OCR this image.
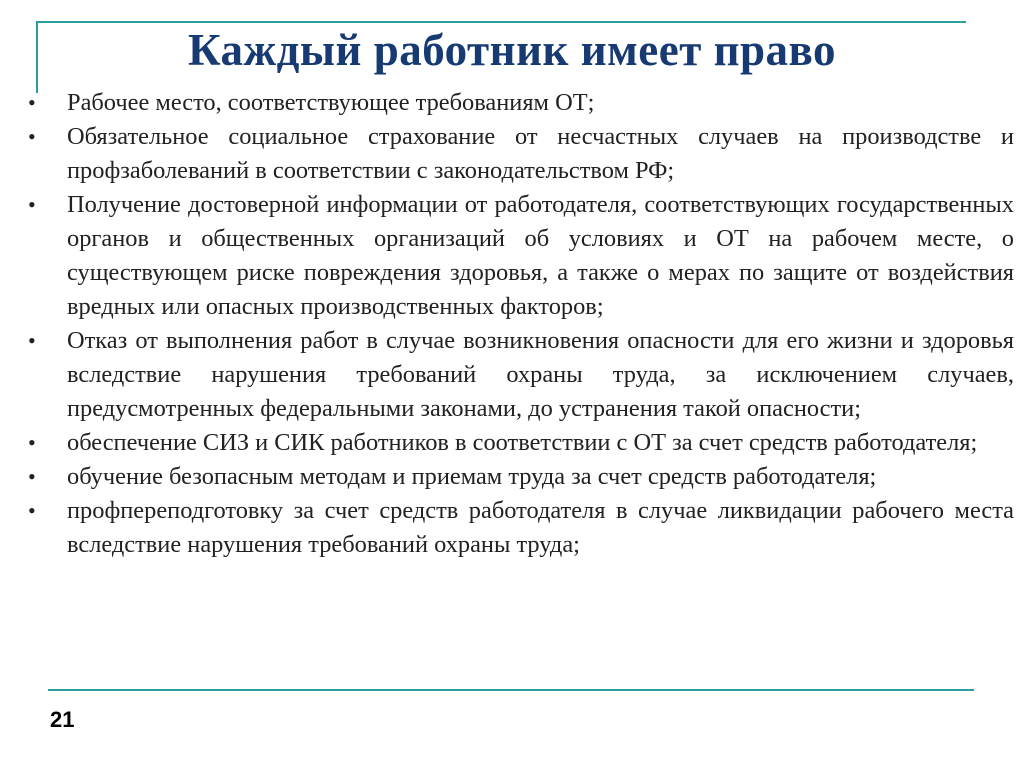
Каждый работник имеет право
•	Рабочее место, соответствующее требованиям ОТ;
•	Обязательное социальное страхование от несчастных случаев на производстве и профзаболеваний в соответствии с законодательством РФ;
•	Получение достоверной информации от работодателя, соответствующих государственных органов и общественных организаций об условиях и ОТ на рабочем месте, о существующем риске повреждения здоровья, а также о мерах по защите от воздействия вредных или опасных производственных факторов;
•	Отказ от выполнения работ в случае возникновения опасности для его жизни и здоровья вследствие нарушения требований охраны труда, за исключением случаев, предусмотренных федеральными законами, до устранения такой опасности;
•	обеспечение СИЗ и СИК работников в соответствии с ОТ за счет средств работодателя;
•	обучение безопасным методам и приемам труда за счет средств работодателя;
•	профпереподготовку за счет средств работодателя в случае ликвидации рабочего места вследствие нарушения требований охраны труда;
21
